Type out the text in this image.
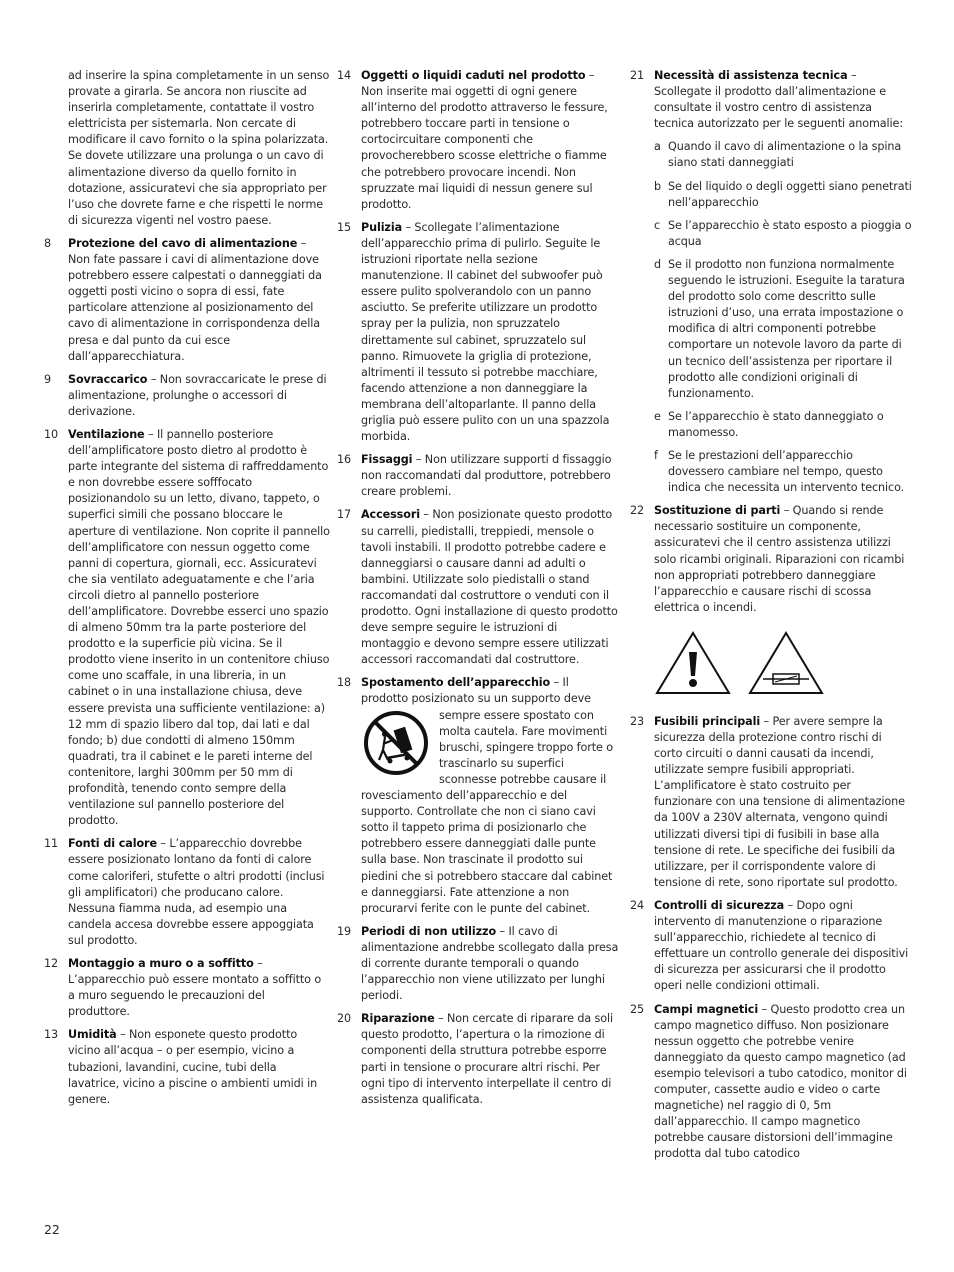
ad inserire la spina completamente in un senso provate a girarla. Se ancora non riuscite ad inserirla completamente, contattate il vostro elettricista per sistemarla. Non cercate di modificare il cavo fornito o la spina polarizzata. Se dovete utilizzare una prolunga o un cavo di alimentazione diverso da quello fornito in dotazione, assicuratevi che sia appropriato per l’uso che dovrete farne e che rispetti le norme di sicurezza vigenti nel vostro paese.
8	Protezione del cavo di alimentazione – Non fate passare i cavi di alimentazione dove potrebbero essere calpestati o danneggiati da oggetti posti vicino o sopra di essi, fate particolare attenzione al posizionamento del cavo di alimentazione in corrispondenza della presa e dal punto da cui esce dall’apparecchiatura.
9	Sovraccarico – Non sovraccaricate le prese di alimentazione, prolunghe o accessori di derivazione.
10 Ventilazione – Il pannello posteriore dell’amplificatore posto dietro al prodotto è parte integrante del sistema di raffreddamento e non dovrebbe essere sofffocato posizionandolo su un letto, divano, tappeto, o superfici simili che possano bloccare le aperture di ventilazione. Non coprite il pannello dell’amplificatore con nessun oggetto come panni di copertura, giornali, ecc. Assicuratevi che sia ventilato adeguatamente e che l’aria circoli dietro al pannello posteriore dell’amplificatore. Dovrebbe esserci uno spazio di almeno 50mm tra la parte posteriore del prodotto e la superficie più vicina. Se il prodotto viene inserito in un contenitore chiuso come uno scaffale, in una libreria, in un cabinet o in una installazione chiusa, deve essere prevista una sufficiente ventilazione: a) 12 mm di spazio libero dal top, dai lati e dal fondo; b) due condotti di almeno 150mm quadrati, tra il cabinet e le pareti interne del contenitore, larghi 300mm per 50 mm di profondità, tenendo conto sempre della ventilazione sul pannello posteriore del prodotto.
11 Fonti di calore – L’apparecchio dovrebbe essere posizionato lontano da fonti di calore come caloriferi, stufette o altri prodotti (inclusi gli amplificatori) che producano calore. Nessuna fiamma nuda, ad esempio una candela accesa dovrebbe essere appoggiata sul prodotto.
12 Montaggio a muro o a soffitto – L’apparecchio può essere montato a soffitto o a muro seguendo le precauzioni del produttore.
13 Umidità – Non esponete questo prodotto vicino all’acqua – o per esempio, vicino a tubazioni, lavandini, cucine, tubi della lavatrice, vicino a piscine o ambienti umidi in genere.
14 Oggetti o liquidi caduti nel prodotto – Non inserite mai oggetti di ogni genere all’interno del prodotto attraverso le fessure, potrebbero toccare parti in tensione o cortocircuitare componenti che provocherebbero scosse elettriche o fiamme che potrebbero provocare incendi. Non spruzzate mai liquidi di nessun genere sul prodotto.
15 Pulizia – Scollegate l’alimentazione dell’apparecchio prima di pulirlo. Seguite le istruzioni riportate nella sezione manutenzione. Il cabinet del subwoofer può essere pulito spolverandolo con un panno asciutto. Se preferite utilizzare un prodotto spray per la pulizia, non spruzzatelo direttamente sul cabinet, spruzzatelo sul panno. Rimuovete la griglia di protezione, altrimenti il tessuto si potrebbe macchiare, facendo attenzione a non danneggiare la membrana dell’altoparlante. Il panno della griglia può essere pulito con un una spazzola morbida.
16 Fissaggi – Non utilizzare supporti d fissaggio non raccomandati dal produttore, potrebbero creare problemi.
17 Accessori – Non posizionate questo prodotto su carrelli, piedistalli, treppiedi, mensole o tavoli instabili. Il prodotto potrebbe cadere e danneggiarsi o causare danni ad adulti o bambini. Utilizzate solo piedistalli o stand raccomandati dal costruttore o venduti con il prodotto. Ogni installazione di questo prodotto deve sempre seguire le istruzioni di montaggio e devono sempre essere utilizzati accessori raccomandati dal costruttore.
18 Spostamento dell’apparecchio – Il prodotto posizionato su un supporto deve
sempre essere spostato con molta cautela. Fare movimenti bruschi, spingere troppo forte o trascinarlo su superfici sconnesse potrebbe causare il rovesciamento dell’apparecchio e del supporto. Controllate che non ci siano cavi sotto il tappeto prima di posizionarlo che potrebbero essere danneggiati dalle punte sulla base. Non trascinate il prodotto sui piedini che si potrebbero staccare dal cabinet e danneggiarsi. Fate attenzione a non procurarvi ferite con le punte del cabinet.
19 Periodi di non utilizzo – Il cavo di alimentazione andrebbe scollegato dalla presa di corrente durante temporali o quando l’apparecchio non viene utilizzato per lunghi periodi.
20 Riparazione – Non cercate di riparare da soli questo prodotto, l’apertura o la rimozione di componenti della struttura potrebbe esporre parti in tensione o procurare altri rischi. Per ogni tipo di intervento interpellate il centro di assistenza qualificata.
21 Necessità di assistenza tecnica – Scollegate il prodotto dall’alimentazione e consultate il vostro centro di assistenza tecnica autorizzato per le seguenti anomalie:
a Quando il cavo di alimentazione o la spina siano stati danneggiati
b Se del liquido o degli oggetti siano penetrati nell’apparecchio
c Se l’apparecchio è stato esposto a pioggia o acqua
d Se il prodotto non funziona normalmente seguendo le istruzioni. Eseguite la taratura del prodotto solo come descritto sulle istruzioni d’uso, una errata impostazione o modifica di altri componenti potrebbe comportare un notevole lavoro da parte di un tecnico dell’assistenza per riportare il prodotto alle condizioni originali di funzionamento.
e Se l’apparecchio è stato danneggiato o manomesso.
f Se le prestazioni dell’apparecchio dovessero cambiare nel tempo, questo indica che necessita un intervento tecnico.
22 Sostituzione di parti – Quando si rende necessario sostituire un componente, assicuratevi che il centro assistenza utilizzi solo ricambi originali. Riparazioni con ricambi non appropriati potrebbero danneggiare l’apparecchio e causare rischi di scossa elettrica o incendi.

23 Fusibili principali – Per avere sempre la sicurezza della protezione contro rischi di corto circuiti o danni causati da incendi, utilizzate sempre fusibili appropriati. L’amplificatore è stato costruito per funzionare con una tensione di alimentazione da 100V a 230V alternata, vengono quindi utilizzati diversi tipi di fusibili in base alla tensione di rete. Le specifiche dei fusibili da utilizzare, per il corrispondente valore di tensione di rete, sono riportate sul prodotto.
24 Controlli di sicurezza – Dopo ogni intervento di manutenzione o riparazione sull’apparecchio, richiedete al tecnico di effettuare un controllo generale dei dispositivi di sicurezza per assicurarsi che il prodotto operi nelle condizioni ottimali.
25 Campi magnetici – Questo prodotto crea un campo magnetico diffuso. Non posizionare nessun oggetto che potrebbe venire danneggiato da questo campo magnetico (ad esempio televisori a tubo catodico, monitor di computer, cassette audio e video o carte magnetiche) nel raggio di 0, 5m dall’apparecchio. Il campo magnetico potrebbe causare distorsioni dell’immagine prodotta dal tubo catodico
22
